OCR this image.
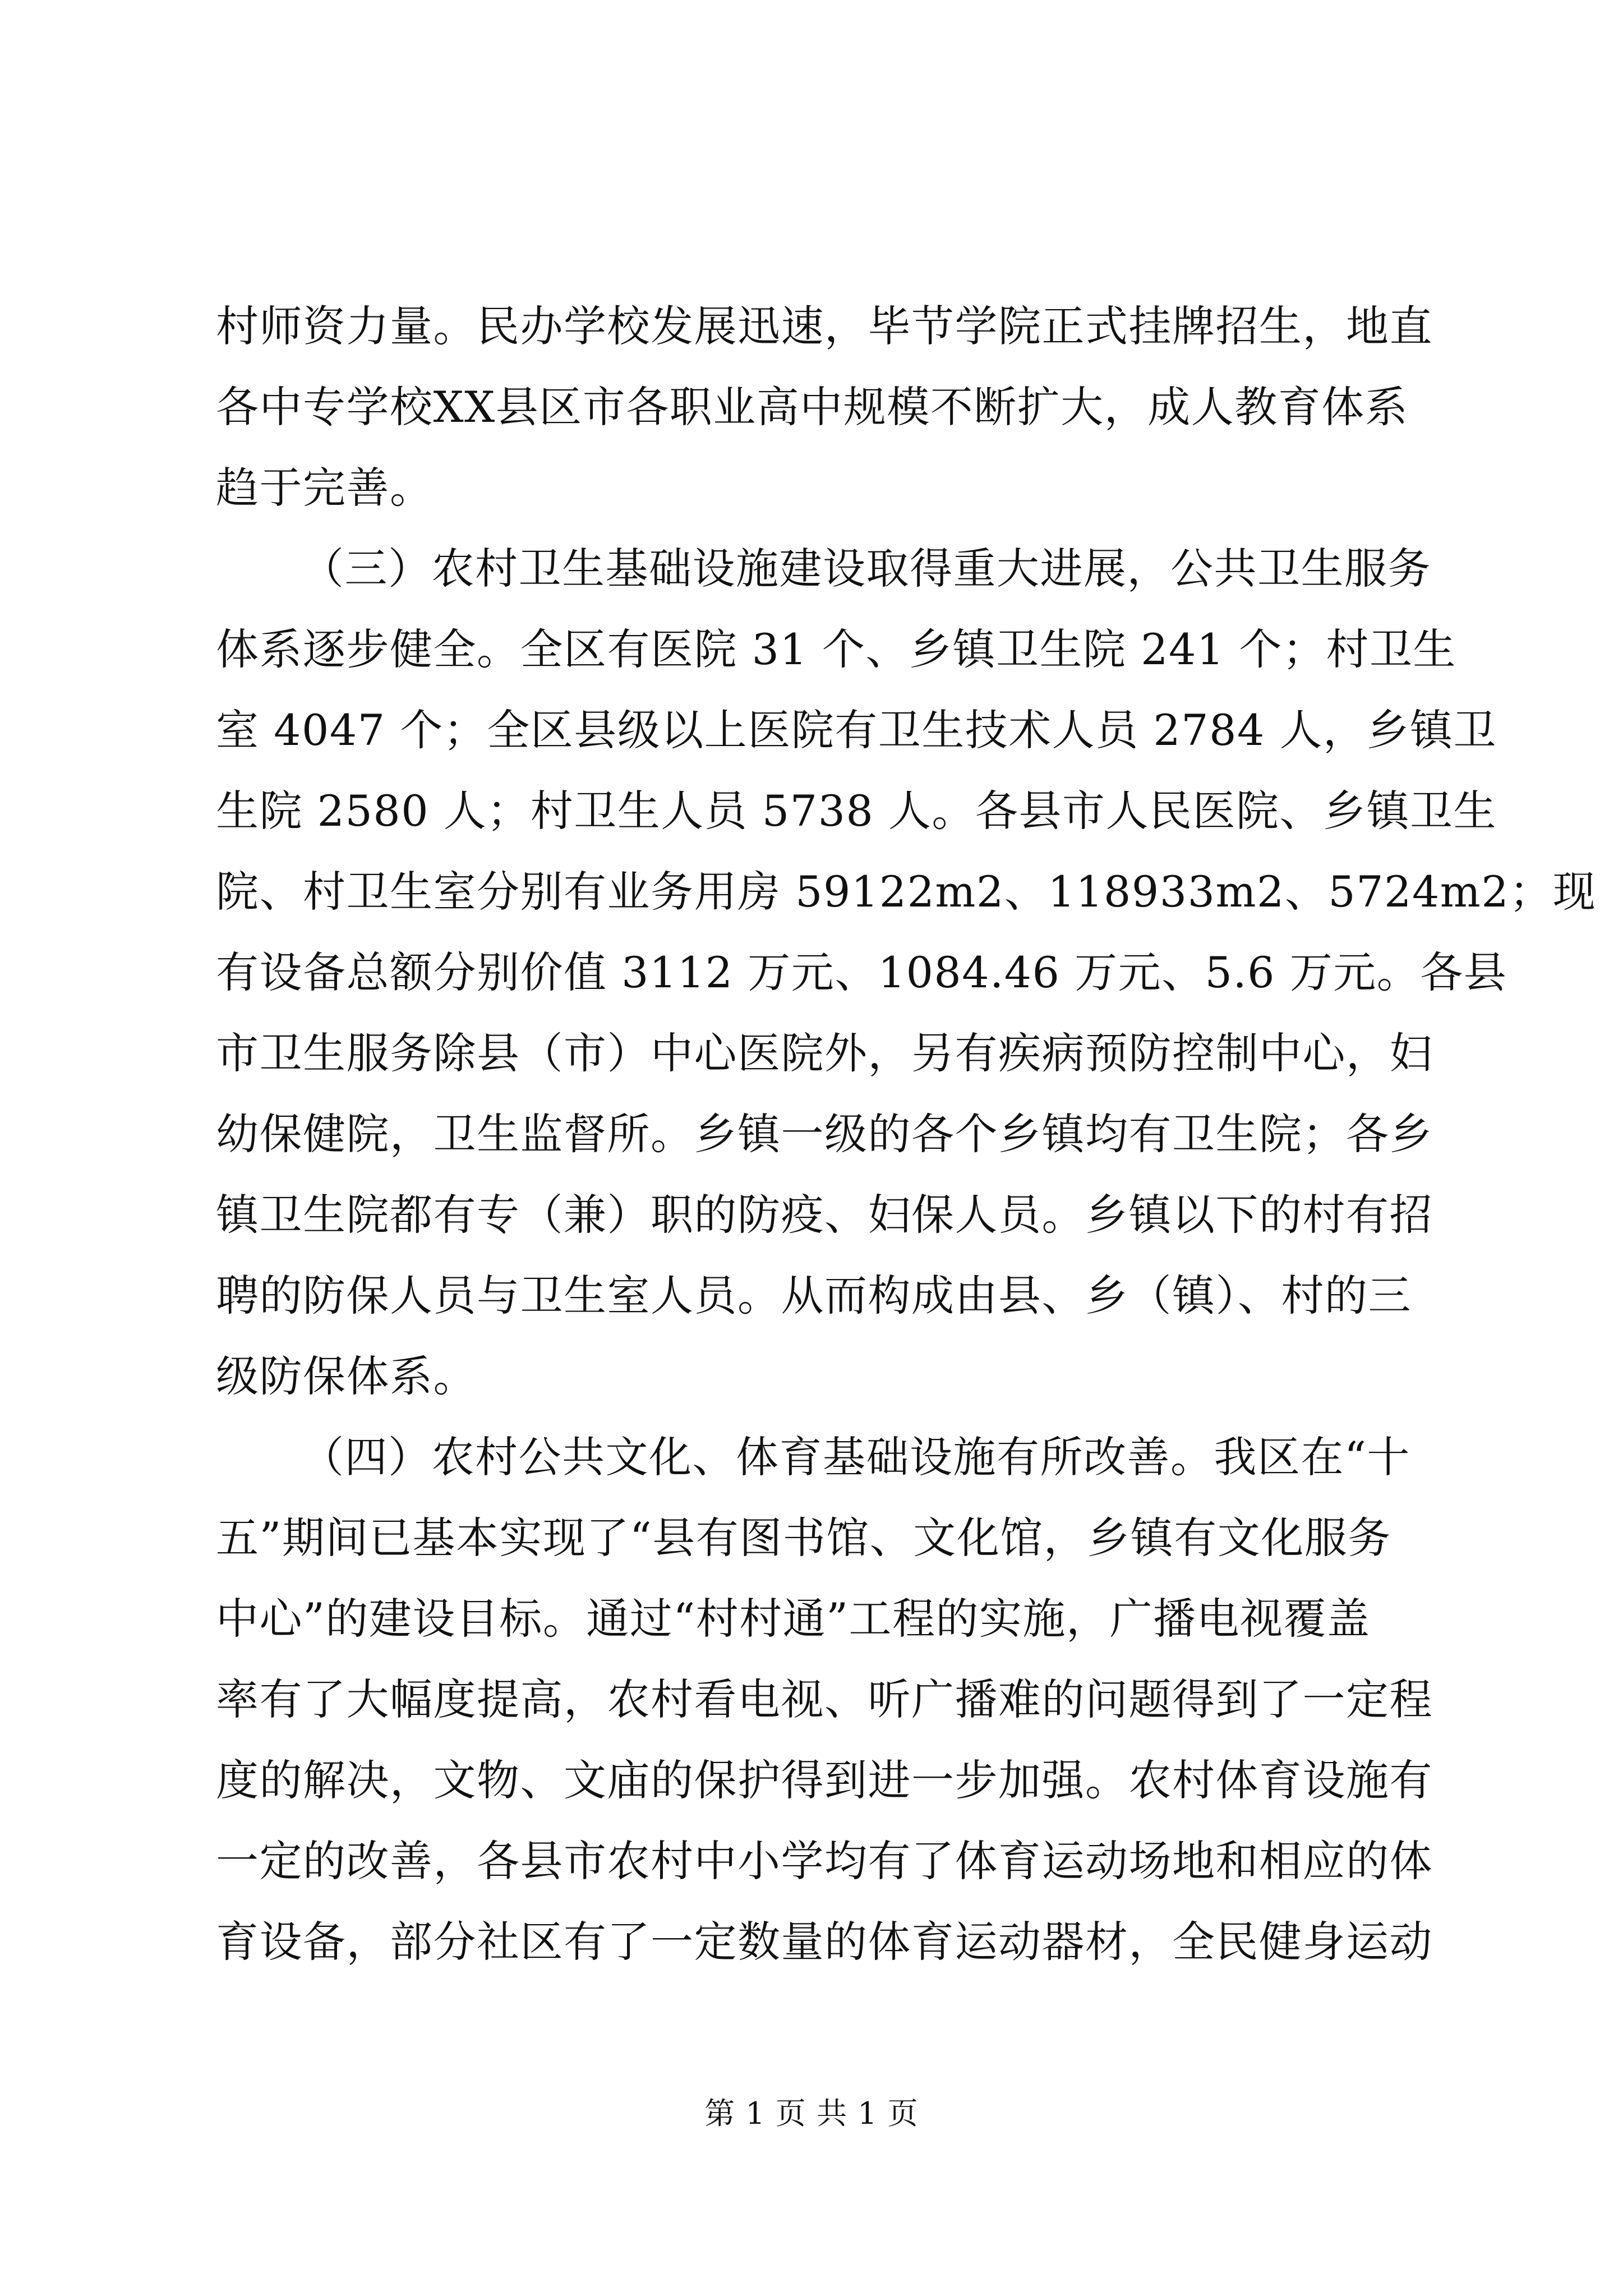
村师资力量。民办学校发展迅速，毕节学院正式挂牌招生，地直
各中专学校XX县区市各职业高中规模不断扩大，成人教育体系
趋于完善。
（三）农村卫生基础设施建设取得重大进展，公共卫生服务
体系逐步健全。全区有医院 31 个、乡镇卫生院 241 个；村卫生
室 4047 个；全区县级以上医院有卫生技术人员 2784 人，乡镇卫
生院 2580 人；村卫生人员 5738 人。各县市人民医院、乡镇卫生
院、村卫生室分别有业务用房 59122m2、118933m2、5724m2；现
有设备总额分别价值 3112 万元、1084.46 万元、5.6 万元。各县
市卫生服务除县（市）中心医院外，另有疾病预防控制中心，妇
幼保健院，卫生监督所。乡镇一级的各个乡镇均有卫生院；各乡
镇卫生院都有专（兼）职的防疫、妇保人员。乡镇以下的村有招
聘的防保人员与卫生室人员。从而构成由县、乡（镇）、村的三
级防保体系。
（四）农村公共文化、体育基础设施有所改善。我区在“十
五”期间已基本实现了“县有图书馆、文化馆，乡镇有文化服务
中心”的建设目标。通过“村村通”工程的实施，广播电视覆盖
率有了大幅度提高，农村看电视、听广播难的问题得到了一定程
度的解决，文物、文庙的保护得到进一步加强。农村体育设施有
一定的改善，各县市农村中小学均有了体育运动场地和相应的体
育设备，部分社区有了一定数量的体育运动器材，全民健身运动
第 1 页 共 1 页
